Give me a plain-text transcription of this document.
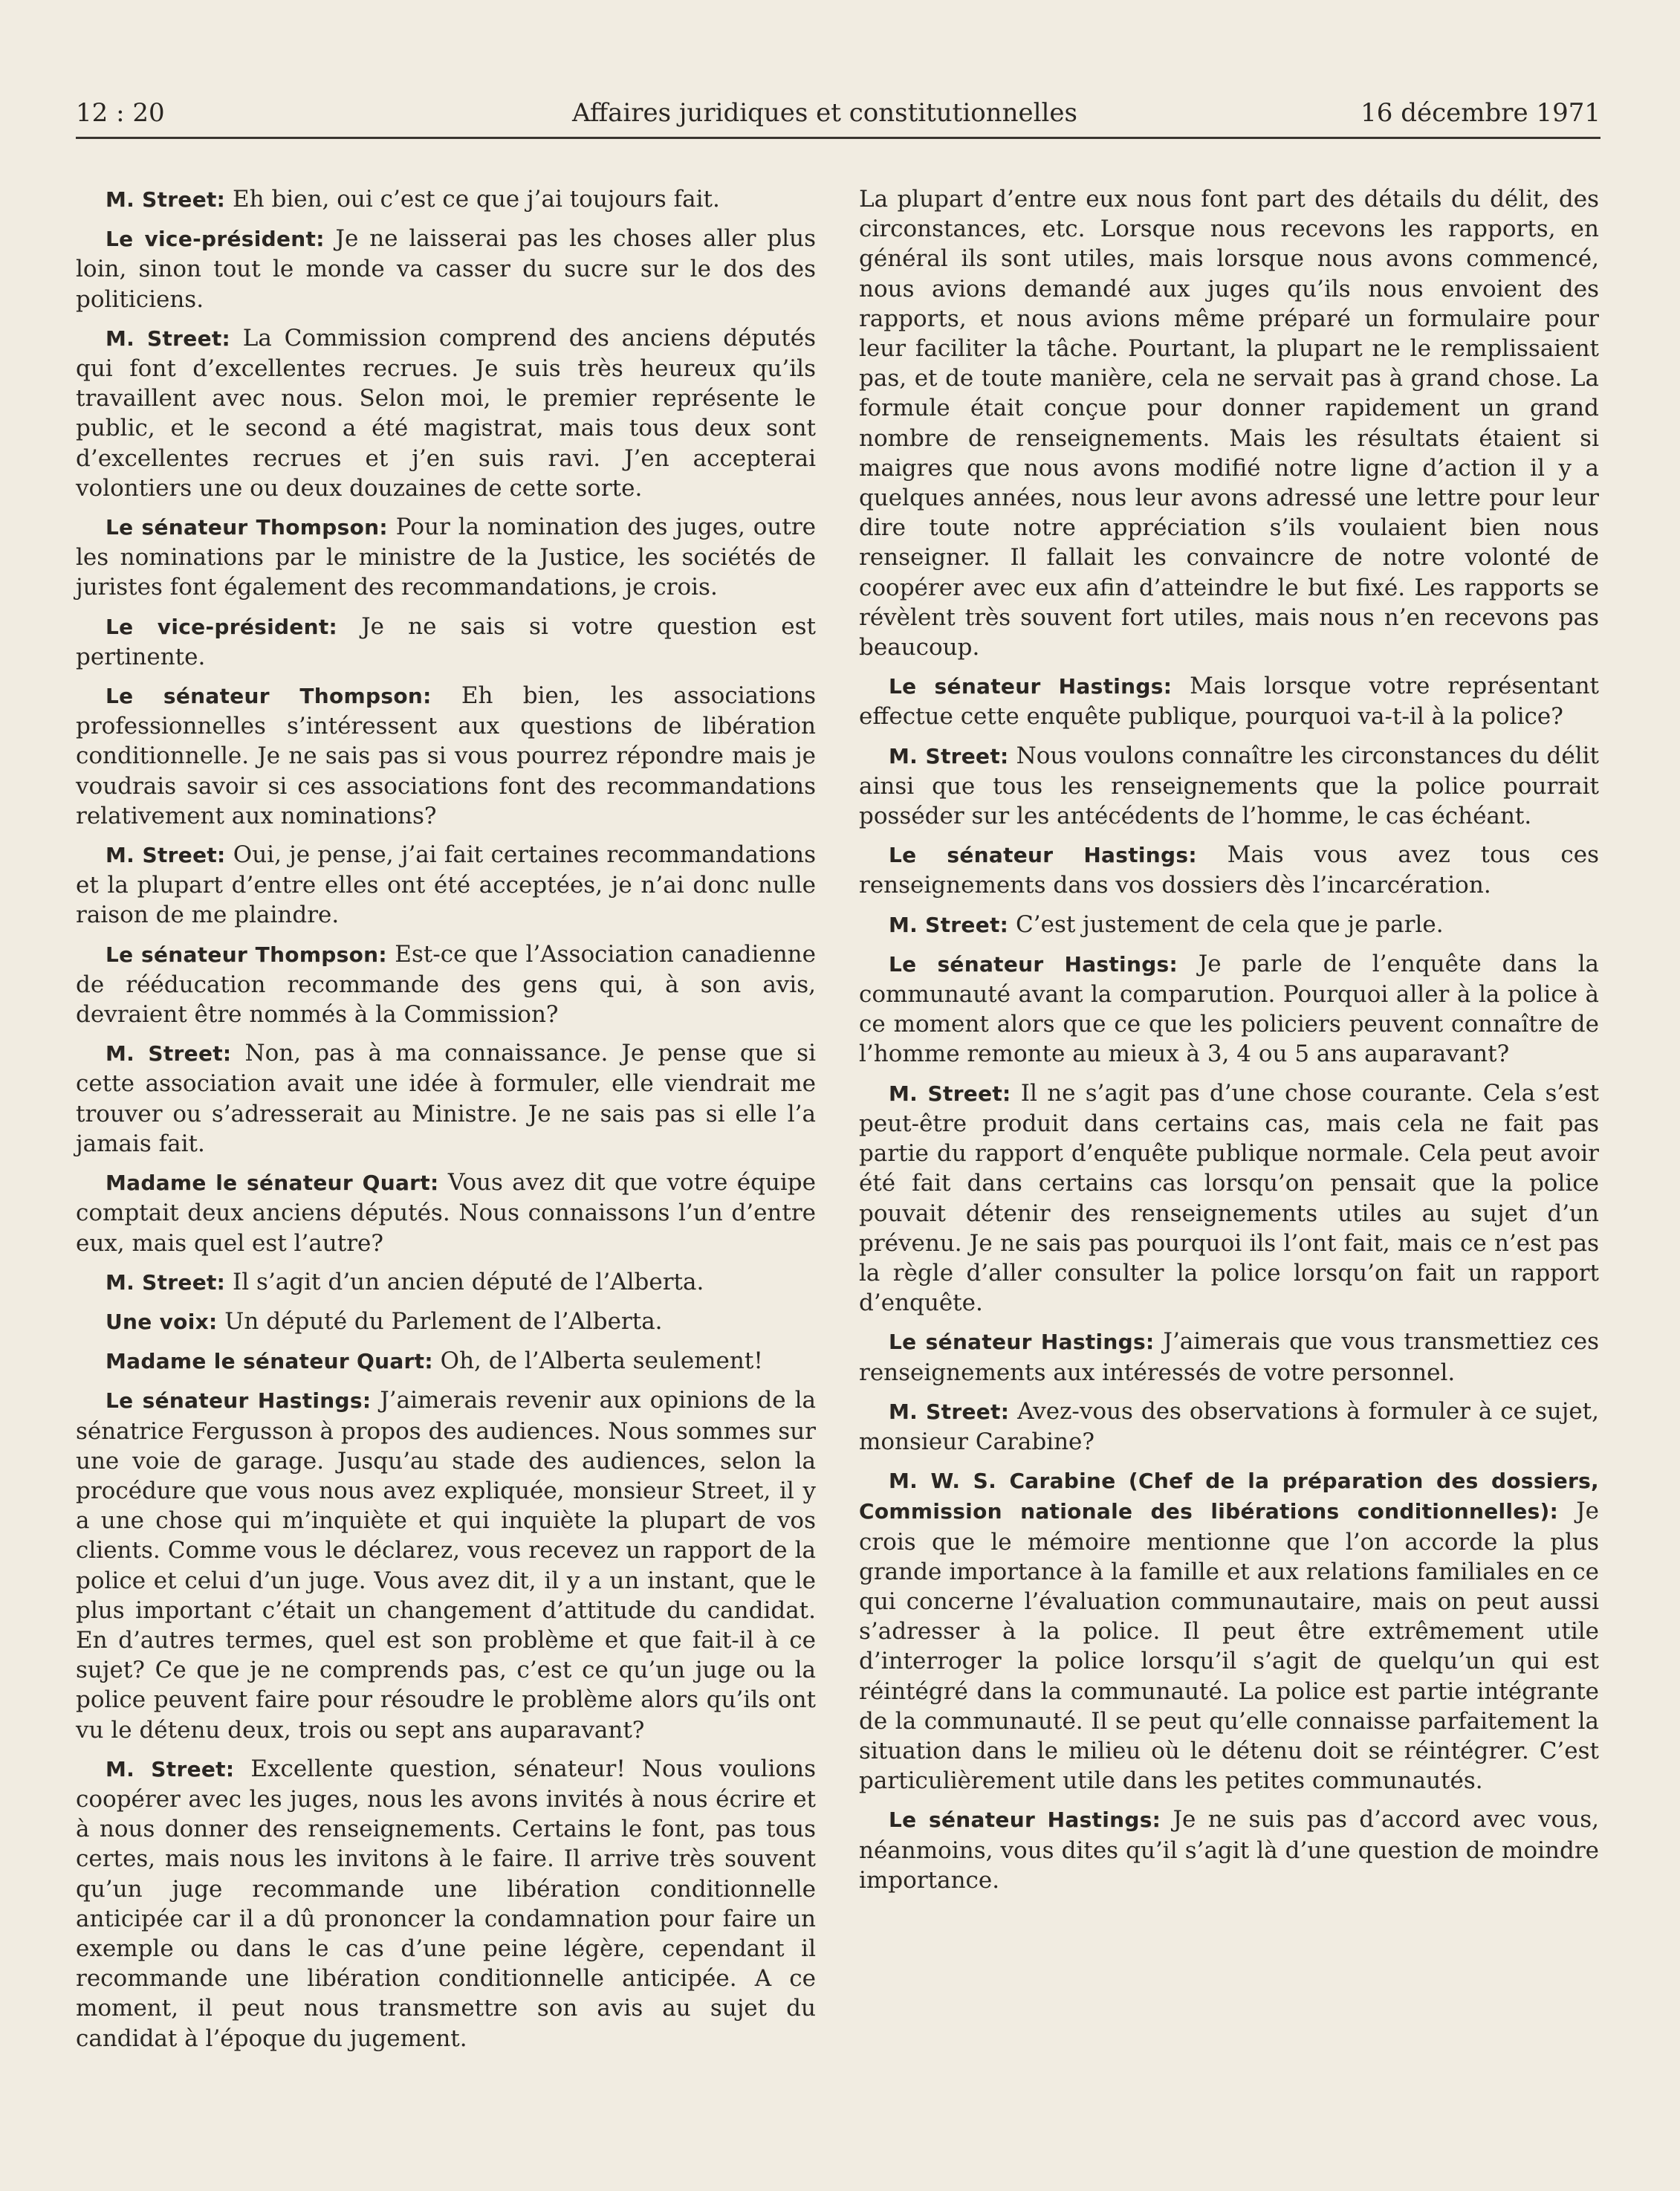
12 : 20	Affaires juridiques et constitutionnelles	16 décembre 1971

M. Street: Eh bien, oui c’est ce que j’ai toujours fait.

Le vice-président: Je ne laisserai pas les choses aller plus loin, sinon tout le monde va casser du sucre sur le dos des politiciens.

M. Street: La Commission comprend des anciens députés qui font d’excellentes recrues. Je suis très heureux qu’ils travaillent avec nous. Selon moi, le premier représente le public, et le second a été magistrat, mais tous deux sont d’excellentes recrues et j’en suis ravi. J’en accepterai volontiers une ou deux douzaines de cette sorte.

Le sénateur Thompson: Pour la nomination des juges, outre les nominations par le ministre de la Justice, les sociétés de juristes font également des recommandations, je crois.

Le vice-président: Je ne sais si votre question est pertinente.

Le sénateur Thompson: Eh bien, les associations professionnelles s’intéressent aux questions de libération conditionnelle. Je ne sais pas si vous pourrez répondre mais je voudrais savoir si ces associations font des recommandations relativement aux nominations?

M. Street: Oui, je pense, j’ai fait certaines recommandations et la plupart d’entre elles ont été acceptées, je n’ai donc nulle raison de me plaindre.

Le sénateur Thompson: Est-ce que l’Association canadienne de rééducation recommande des gens qui, à son avis, devraient être nommés à la Commission?

M. Street: Non, pas à ma connaissance. Je pense que si cette association avait une idée à formuler, elle viendrait me trouver ou s’adresserait au Ministre. Je ne sais pas si elle l’a jamais fait.

Madame le sénateur Quart: Vous avez dit que votre équipe comptait deux anciens députés. Nous connaissons l’un d’entre eux, mais quel est l’autre?

M. Street: Il s’agit d’un ancien député de l’Alberta.

Une voix: Un député du Parlement de l’Alberta.

Madame le sénateur Quart: Oh, de l’Alberta seulement!

Le sénateur Hastings: J’aimerais revenir aux opinions de la sénatrice Fergusson à propos des audiences. Nous sommes sur une voie de garage. Jusqu’au stade des audiences, selon la procédure que vous nous avez expliquée, monsieur Street, il y a une chose qui m’inquiète et qui inquiète la plupart de vos clients. Comme vous le déclarez, vous recevez un rapport de la police et celui d’un juge. Vous avez dit, il y a un instant, que le plus important c’était un changement d’attitude du candidat. En d’autres termes, quel est son problème et que fait-il à ce sujet? Ce que je ne comprends pas, c’est ce qu’un juge ou la police peuvent faire pour résoudre le problème alors qu’ils ont vu le détenu deux, trois ou sept ans auparavant?

M. Street: Excellente question, sénateur! Nous voulions coopérer avec les juges, nous les avons invités à nous écrire et à nous donner des renseignements. Certains le font, pas tous certes, mais nous les invitons à le faire. Il arrive très souvent qu’un juge recommande une libération conditionnelle anticipée car il a dû prononcer la condamnation pour faire un exemple ou dans le cas d’une peine légère, cependant il recommande une libération conditionnelle anticipée. A ce moment, il peut nous transmettre son avis au sujet du candidat à l’époque du jugement.

La plupart d’entre eux nous font part des détails du délit, des circonstances, etc. Lorsque nous recevons les rapports, en général ils sont utiles, mais lorsque nous avons commencé, nous avions demandé aux juges qu’ils nous envoient des rapports, et nous avions même préparé un formulaire pour leur faciliter la tâche. Pourtant, la plupart ne le remplissaient pas, et de toute manière, cela ne servait pas à grand chose. La formule était conçue pour donner rapidement un grand nombre de renseignements. Mais les résultats étaient si maigres que nous avons modifié notre ligne d’action il y a quelques années, nous leur avons adressé une lettre pour leur dire toute notre appréciation s’ils voulaient bien nous renseigner. Il fallait les convaincre de notre volonté de coopérer avec eux afin d’atteindre le but fixé. Les rapports se révèlent très souvent fort utiles, mais nous n’en recevons pas beaucoup.

Le sénateur Hastings: Mais lorsque votre représentant effectue cette enquête publique, pourquoi va-t-il à la police?

M. Street: Nous voulons connaître les circonstances du délit ainsi que tous les renseignements que la police pourrait posséder sur les antécédents de l’homme, le cas échéant.

Le sénateur Hastings: Mais vous avez tous ces renseignements dans vos dossiers dès l’incarcération.

M. Street: C’est justement de cela que je parle.

Le sénateur Hastings: Je parle de l’enquête dans la communauté avant la comparution. Pourquoi aller à la police à ce moment alors que ce que les policiers peuvent connaître de l’homme remonte au mieux à 3, 4 ou 5 ans auparavant?

M. Street: Il ne s’agit pas d’une chose courante. Cela s’est peut-être produit dans certains cas, mais cela ne fait pas partie du rapport d’enquête publique normale. Cela peut avoir été fait dans certains cas lorsqu’on pensait que la police pouvait détenir des renseignements utiles au sujet d’un prévenu. Je ne sais pas pourquoi ils l’ont fait, mais ce n’est pas la règle d’aller consulter la police lorsqu’on fait un rapport d’enquête.

Le sénateur Hastings: J’aimerais que vous transmettiez ces renseignements aux intéressés de votre personnel.

M. Street: Avez-vous des observations à formuler à ce sujet, monsieur Carabine?

M. W. S. Carabine (Chef de la préparation des dossiers, Commission nationale des libérations conditionnelles): Je crois que le mémoire mentionne que l’on accorde la plus grande importance à la famille et aux relations familiales en ce qui concerne l’évaluation communautaire, mais on peut aussi s’adresser à la police. Il peut être extrêmement utile d’interroger la police lorsqu’il s’agit de quelqu’un qui est réintégré dans la communauté. La police est partie intégrante de la communauté. Il se peut qu’elle connaisse parfaitement la situation dans le milieu où le détenu doit se réintégrer. C’est particulièrement utile dans les petites communautés.

Le sénateur Hastings: Je ne suis pas d’accord avec vous, néanmoins, vous dites qu’il s’agit là d’une question de moindre importance.
